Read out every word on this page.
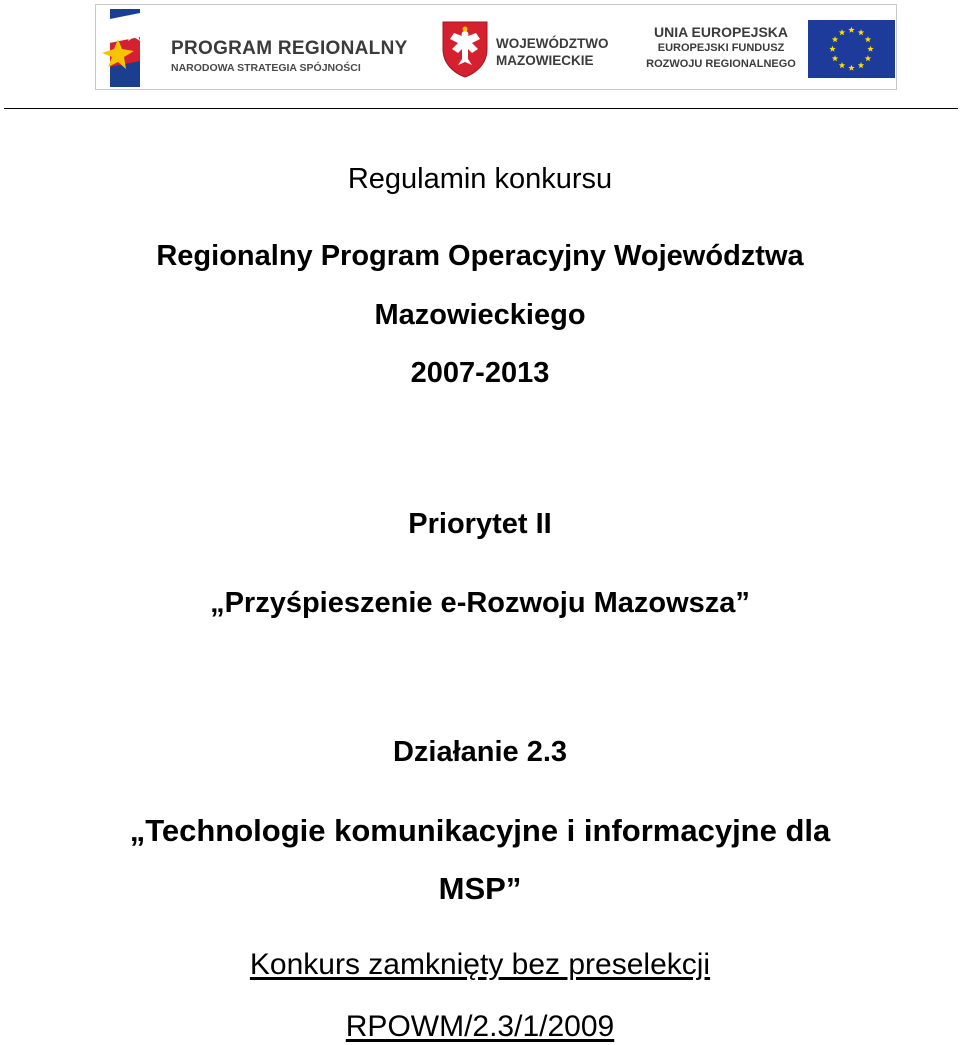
PROGRAM REGIONALNY
NARODOWA STRATEGIA SPÓJNOŚCI
WOJEWÓDZTWO
MAZOWIECKIE
UNIA EUROPEJSKA
EUROPEJSKI FUNDUSZ
ROZWOJU REGIONALNEGO
Regulamin konkursu
Regionalny Program Operacyjny Województwa
Mazowieckiego
2007-2013
Priorytet II
„Przyśpieszenie e-Rozwoju Mazowsza”
Działanie 2.3
„Technologie komunikacyjne i informacyjne dla
MSP”
Konkurs zamknięty bez preselekcji
RPOWM/2.3/1/2009
